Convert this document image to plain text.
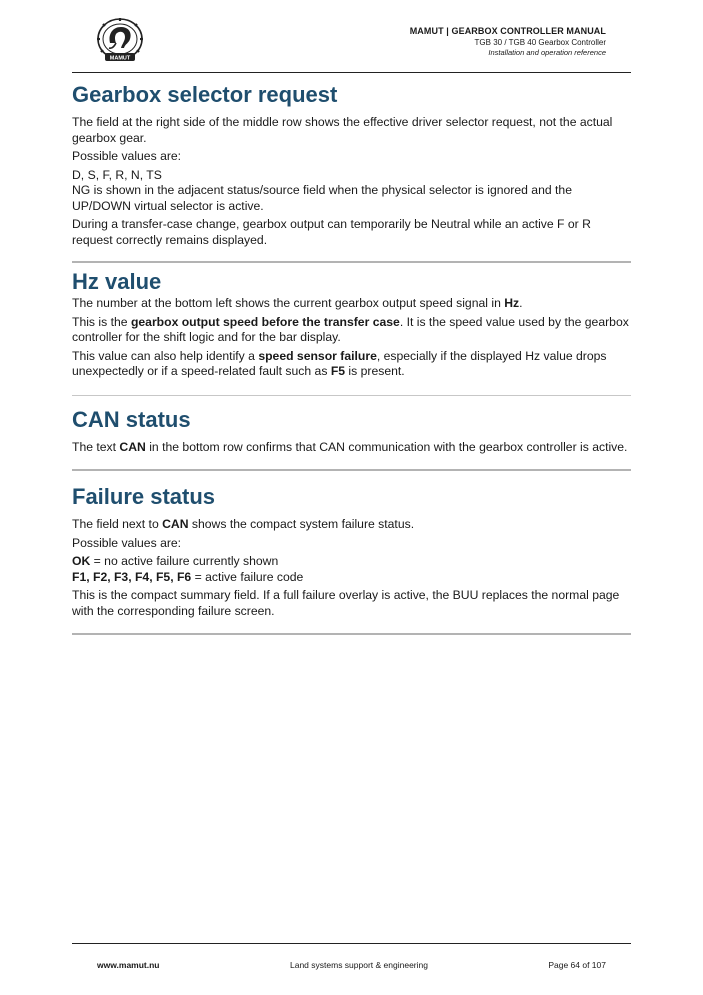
MAMUT
MAMUT | GEARBOX CONTROLLER MANUAL
TGB 30 / TGB 40 Gearbox Controller
Installation and operation reference
Gearbox selector request

The field at the right side of the middle row shows the effective driver selector request, not the actual gearbox gear.

Possible values are:

D, S, F, R, N, TS

NG is shown in the adjacent status/source field when the physical selector is ignored and the UP/DOWN virtual selector is active.

During a transfer-case change, gearbox output can temporarily be Neutral while an active F or R request correctly remains displayed.

Hz value

The number at the bottom left shows the current gearbox output speed signal in Hz.

This is the gearbox output speed before the transfer case. It is the speed value used by the gearbox controller for the shift logic and for the bar display.

This value can also help identify a speed sensor failure, especially if the displayed Hz value drops unexpectedly or if a speed-related fault such as F5 is present.

CAN status

The text CAN in the bottom row confirms that CAN communication with the gearbox controller is active.

Failure status

The field next to CAN shows the compact system failure status.

Possible values are:

OK = no active failure currently shown

F1, F2, F3, F4, F5, F6 = active failure code

This is the compact summary field. If a full failure overlay is active, the BUU replaces the normal page with the corresponding failure screen.

www.mamut.nu	Land systems support & engineering	Page 64 of 107
